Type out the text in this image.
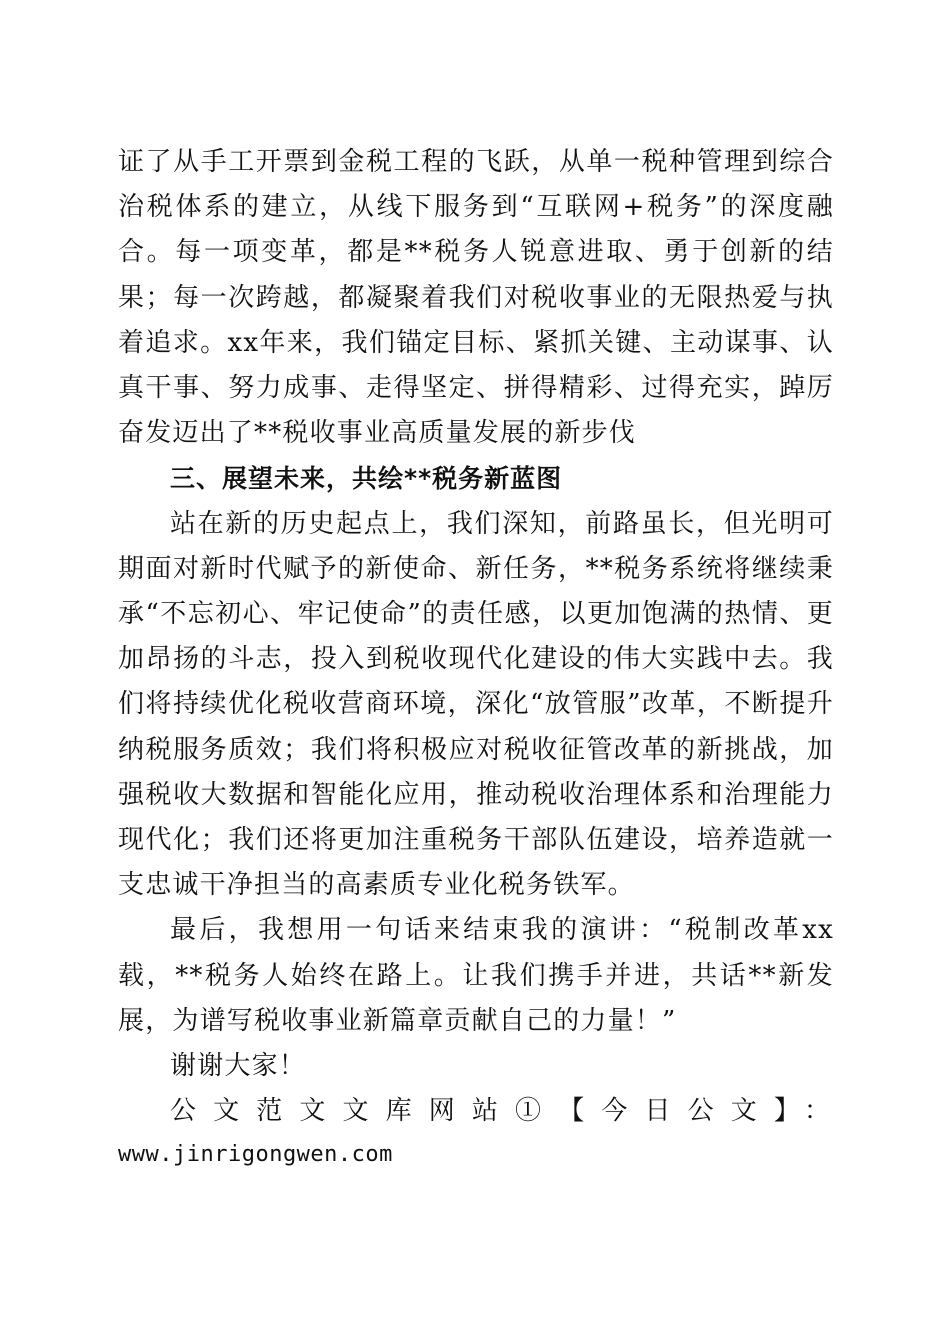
证了从手工开票到金税工程的飞跃，从单一税种管理到综合治税体系的建立，从线下服务到“互联网+税务”的深度融合。每一项变革，都是**税务人锐意进取、勇于创新的结果；每一次跨越，都凝聚着我们对税收事业的无限热爱与执着追求。xx年来，我们锚定目标、紧抓关键、主动谋事、认真干事、努力成事、走得坚定、拼得精彩、过得充实，踔厉奋发迈出了**税收事业高质量发展的新步伐

三、展望未来，共绘**税务新蓝图

站在新的历史起点上，我们深知，前路虽长，但光明可期面对新时代赋予的新使命、新任务，**税务系统将继续秉承“不忘初心、牢记使命”的责任感，以更加饱满的热情、更加昂扬的斗志，投入到税收现代化建设的伟大实践中去。我们将持续优化税收营商环境，深化“放管服”改革，不断提升纳税服务质效；我们将积极应对税收征管改革的新挑战，加强税收大数据和智能化应用，推动税收治理体系和治理能力现代化；我们还将更加注重税务干部队伍建设，培养造就一支忠诚干净担当的高素质专业化税务铁军。

最后，我想用一句话来结束我的演讲：“税制改革xx载，**税务人始终在路上。让我们携手并进，共话**新发展，为谱写税收事业新篇章贡献自己的力量！”

谢谢大家！

公文范文文库网站①【今日公文】：

www.jinrigongwen.com
